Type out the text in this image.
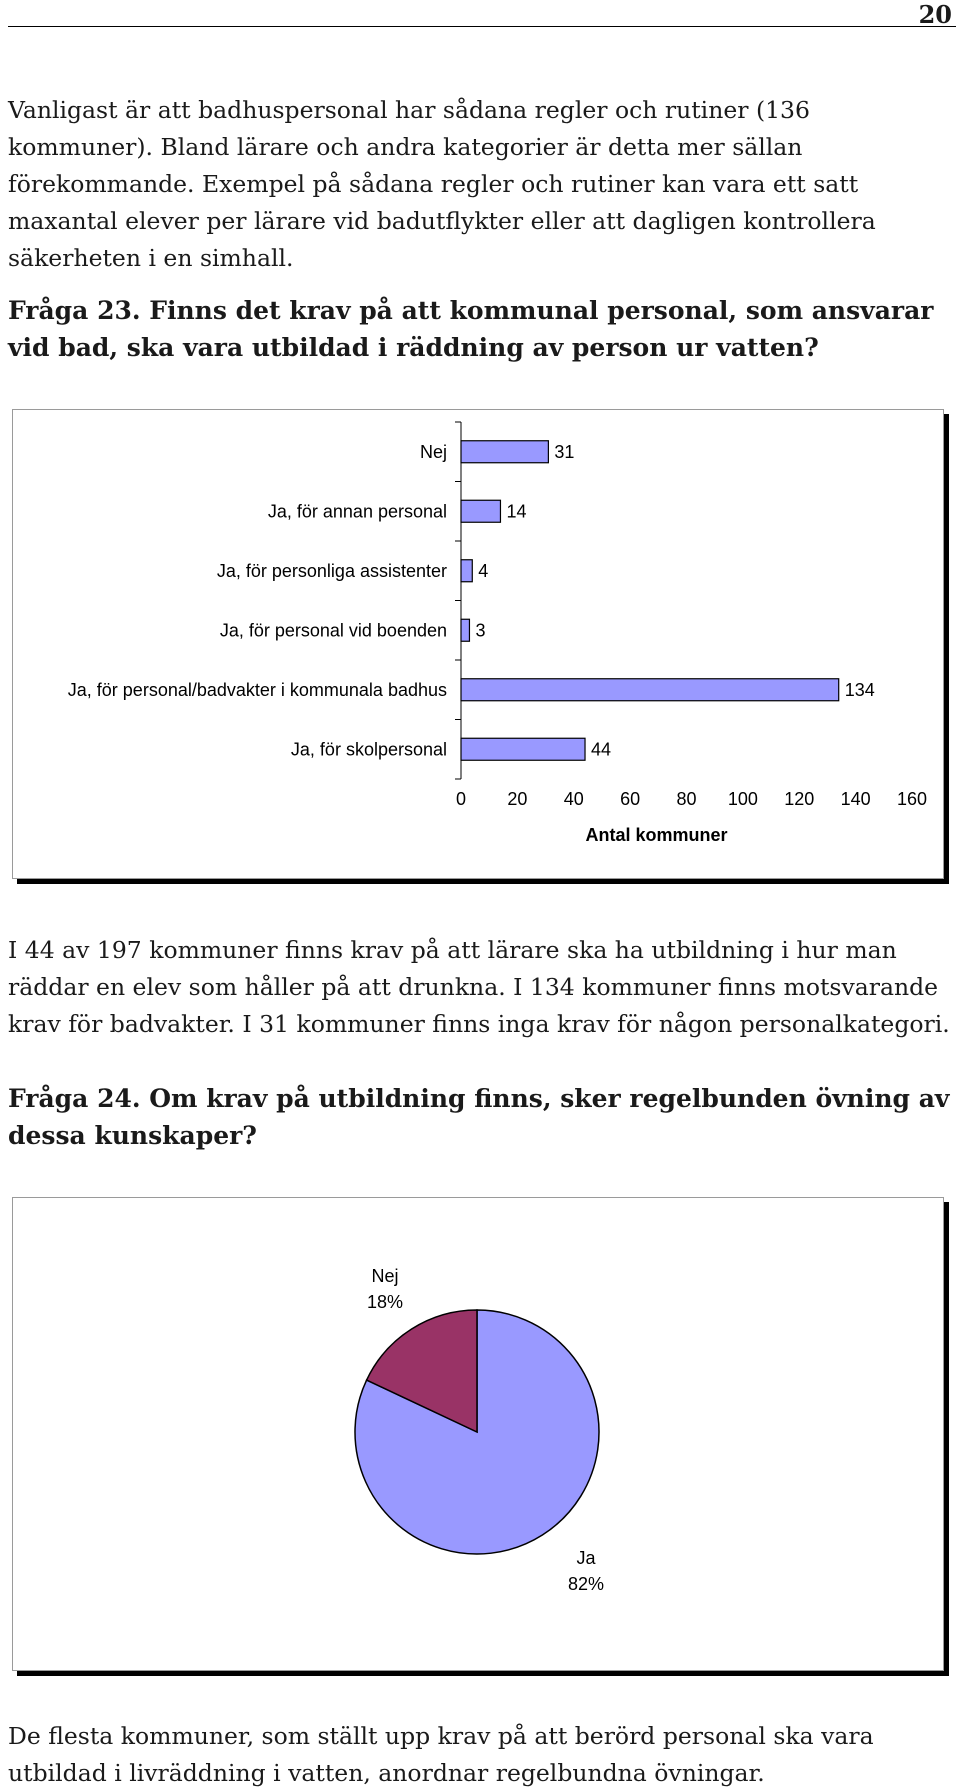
20

Vanligast är att badhuspersonal har sådana regler och rutiner (136 kommuner). Bland lärare och andra kategorier är detta mer sällan förekommande. Exempel på sådana regler och rutiner kan vara ett satt maxantal elever per lärare vid badutflykter eller att dagligen kontrollera säkerheten i en simhall.

Fråga 23. Finns det krav på att kommunal personal, som ansvarar vid bad, ska vara utbildad i räddning av person ur vatten?

Nej	31
Ja, för annan personal	14
Ja, för personliga assistenter 4
Ja, för personal vid boenden 3
Ja, för personal/badvakter i kommunala badhus	134
Ja, för skolpersonal	44
0 20 40 60 80 100 120 140 160
Antal kommuner

I 44 av 197 kommuner finns krav på att lärare ska ha utbildning i hur man räddar en elev som håller på att drunkna. I 134 kommuner finns motsvarande krav för badvakter. I 31 kommuner finns inga krav för någon personalkategori.

Fråga 24. Om krav på utbildning finns, sker regelbunden övning av dessa kunskaper?

Ja
82%
Nej
18%

De flesta kommuner, som ställt upp krav på att berörd personal ska vara utbildad i livräddning i vatten, anordnar regelbundna övningar.
